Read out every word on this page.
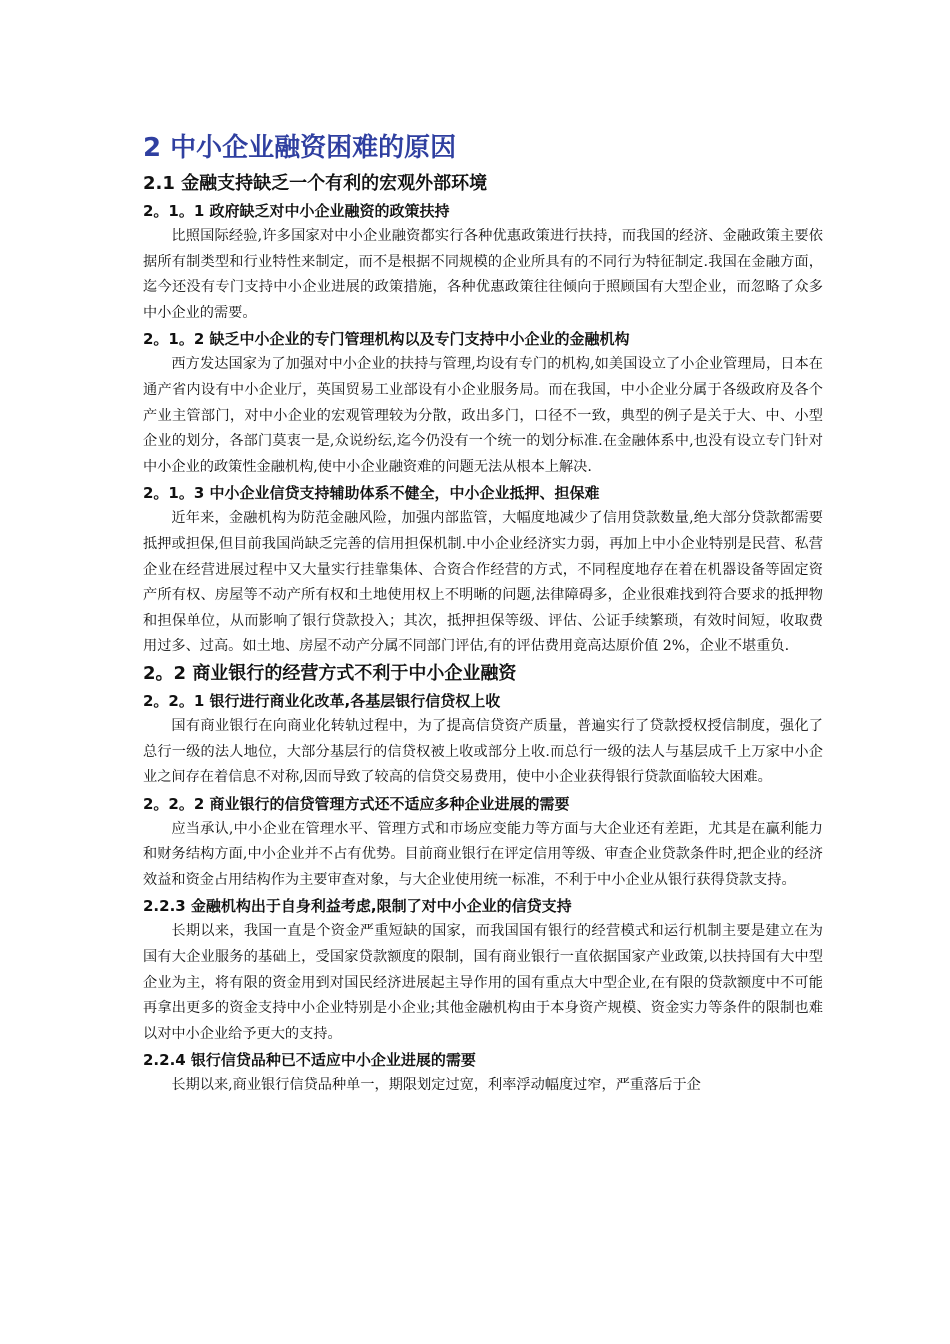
2 中小企业融资困难的原因
2.1 金融支持缺乏一个有利的宏观外部环境
2。1。1 政府缺乏对中小企业融资的政策扶持

比照国际经验,许多国家对中小企业融资都实行各种优惠政策进行扶持，而我国的经济、金融政策主要依据所有制类型和行业特性来制定，而不是根据不同规模的企业所具有的不同行为特征制定.我国在金融方面，迄今还没有专门支持中小企业进展的政策措施，各种优惠政策往往倾向于照顾国有大型企业，而忽略了众多中小企业的需要。

2。1。2 缺乏中小企业的专门管理机构以及专门支持中小企业的金融机构

西方发达国家为了加强对中小企业的扶持与管理,均设有专门的机构,如美国设立了小企业管理局，日本在通产省内设有中小企业厅，英国贸易工业部设有小企业服务局。而在我国，中小企业分属于各级政府及各个产业主管部门，对中小企业的宏观管理较为分散，政出多门，口径不一致，典型的例子是关于大、中、小型企业的划分，各部门莫衷一是,众说纷纭,迄今仍没有一个统一的划分标准.在金融体系中,也没有设立专门针对中小企业的政策性金融机构,使中小企业融资难的问题无法从根本上解决.

2。1。3 中小企业信贷支持辅助体系不健全，中小企业抵押、担保难

近年来，金融机构为防范金融风险，加强内部监管，大幅度地减少了信用贷款数量,绝大部分贷款都需要抵押或担保,但目前我国尚缺乏完善的信用担保机制.中小企业经济实力弱，再加上中小企业特别是民营、私营企业在经营进展过程中又大量实行挂靠集体、合资合作经营的方式，不同程度地存在着在机器设备等固定资产所有权、房屋等不动产所有权和土地使用权上不明晰的问题,法律障碍多，企业很难找到符合要求的抵押物和担保单位，从而影响了银行贷款投入；其次，抵押担保等级、评估、公证手续繁琐，有效时间短，收取费用过多、过高。如土地、房屋不动产分属不同部门评估,有的评估费用竟高达原价值 2%，企业不堪重负.

2。2 商业银行的经营方式不利于中小企业融资
2。2。1 银行进行商业化改革,各基层银行信贷权上收

国有商业银行在向商业化转轨过程中，为了提高信贷资产质量，普遍实行了贷款授权授信制度，强化了总行一级的法人地位，大部分基层行的信贷权被上收或部分上收.而总行一级的法人与基层成千上万家中小企业之间存在着信息不对称,因而导致了较高的信贷交易费用，使中小企业获得银行贷款面临较大困难。

2。2。2 商业银行的信贷管理方式还不适应多种企业进展的需要

应当承认,中小企业在管理水平、管理方式和市场应变能力等方面与大企业还有差距，尤其是在赢利能力和财务结构方面,中小企业并不占有优势。目前商业银行在评定信用等级、审查企业贷款条件时,把企业的经济效益和资金占用结构作为主要审查对象，与大企业使用统一标准，不利于中小企业从银行获得贷款支持。

2.2.3 金融机构出于自身利益考虑,限制了对中小企业的信贷支持

长期以来，我国一直是个资金严重短缺的国家，而我国国有银行的经营模式和运行机制主要是建立在为国有大企业服务的基础上，受国家贷款额度的限制，国有商业银行一直依据国家产业政策,以扶持国有大中型企业为主，将有限的资金用到对国民经济进展起主导作用的国有重点大中型企业,在有限的贷款额度中不可能再拿出更多的资金支持中小企业特别是小企业;其他金融机构由于本身资产规模、资金实力等条件的限制也难以对中小企业给予更大的支持。

2.2.4 银行信贷品种已不适应中小企业进展的需要

长期以来,商业银行信贷品种单一，期限划定过宽，利率浮动幅度过窄，严重落后于企
